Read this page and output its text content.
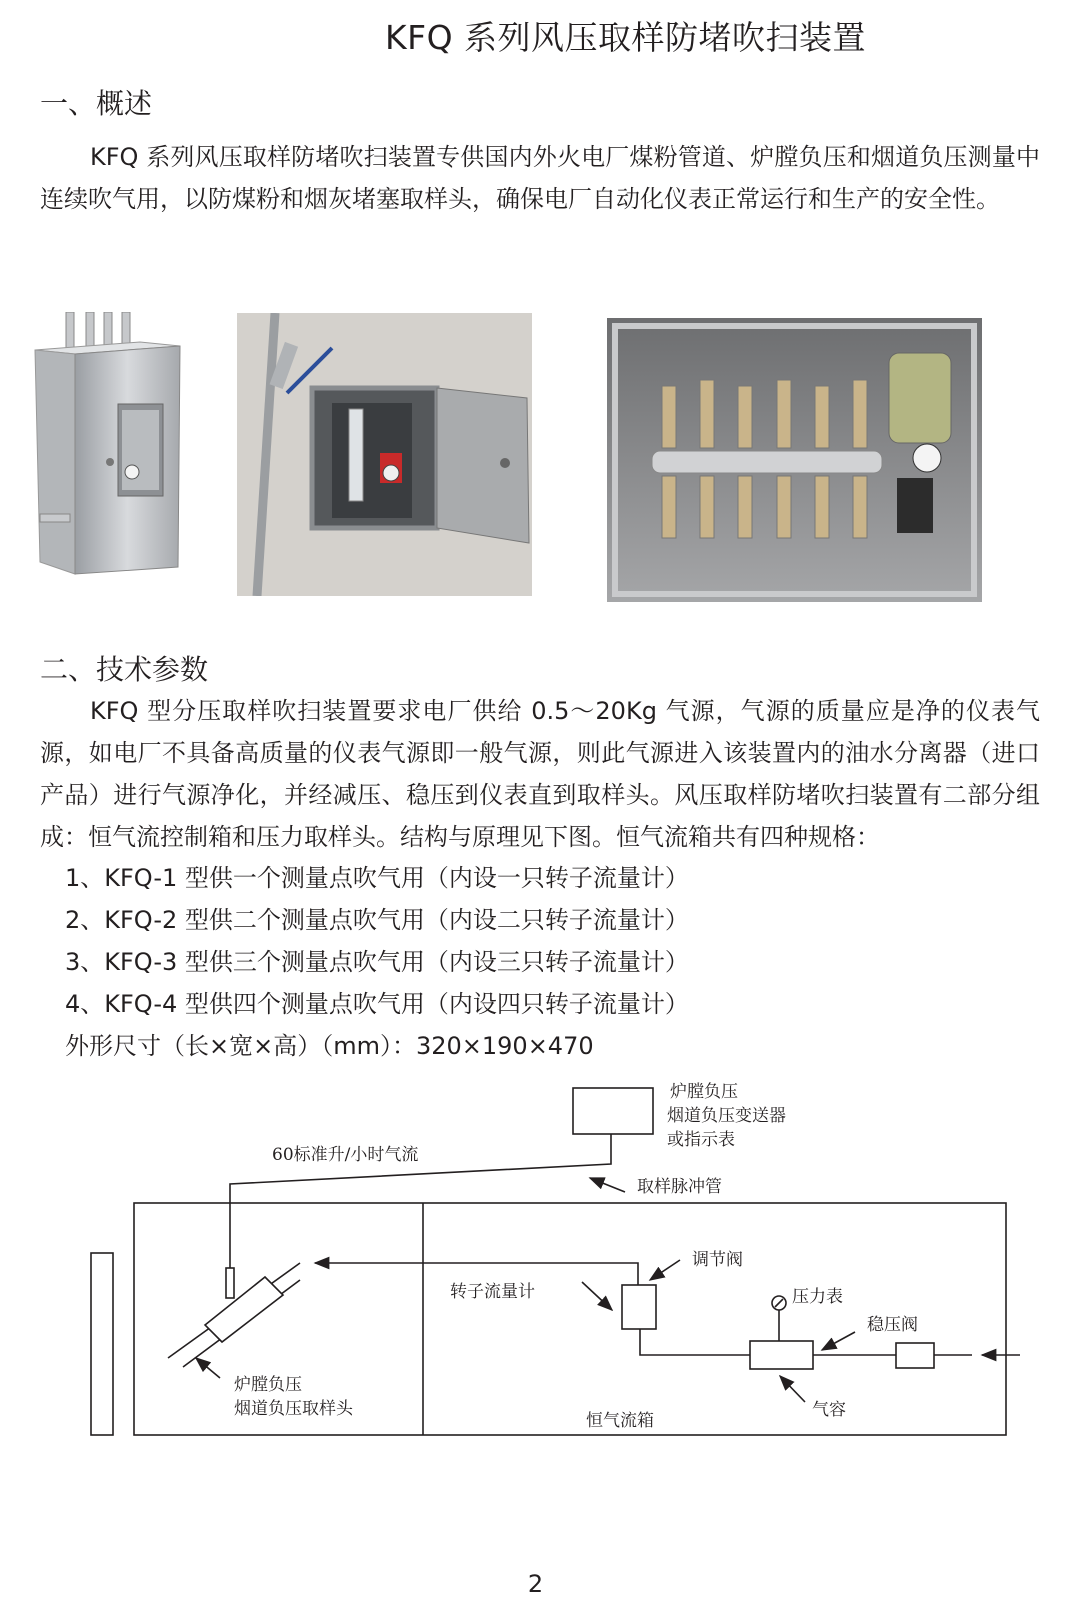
KFQ 系列风压取样防堵吹扫装置
一、概述
KFQ 系列风压取样防堵吹扫装置专供国内外火电厂煤粉管道、炉膛负压和烟道负压测量中连续吹气用，以防煤粉和烟灰堵塞取样头，确保电厂自动化仪表正常运行和生产的安全性。
二、技术参数
KFQ 型分压取样吹扫装置要求电厂供给 0.5～20Kg 气源，气源的质量应是净的仪表气源，如电厂不具备高质量的仪表气源即一般气源，则此气源进入该装置内的油水分离器（进口产品）进行气源净化，并经减压、稳压到仪表直到取样头。风压取样防堵吹扫装置有二部分组成：恒气流控制箱和压力取样头。结构与原理见下图。恒气流箱共有四种规格：
1、KFQ-1 型供一个测量点吹气用（内设一只转子流量计）
2、KFQ-2 型供二个测量点吹气用（内设二只转子流量计）
3、KFQ-3 型供三个测量点吹气用（内设三只转子流量计）
4、KFQ-4 型供四个测量点吹气用（内设四只转子流量计）
外形尺寸（长×宽×高）（mm）：320×190×470
炉膛负压
烟道负压变送器
或指示表
60标准升/小时气流
取样脉冲管
调节阀
转子流量计	压力表
稳压阀
炉膛负压
烟道负压取样头
恒气流箱
气容
2
